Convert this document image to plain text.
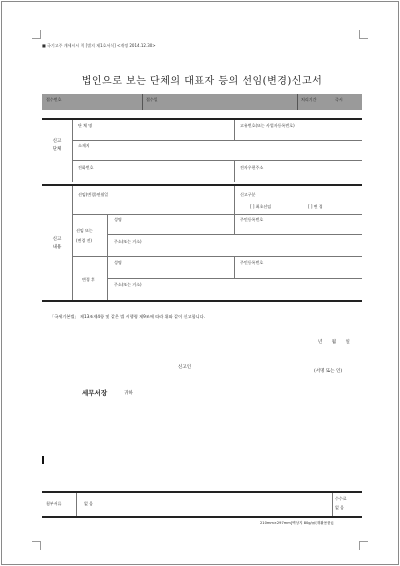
■ 국기고주 개세시시 칙 [별지 제1호서식] <개정 2014.12.30>
법인으로 보는 단체의 대표자 등의 선임(변경)신고서
접수번호	접수일	처리기간	즉시
신고
단체
단 체 명	고유번호(또는 사업자등록번호)
소재지
전화번호	전자우편주소
신고
내용
선임(변경)연월일	신고구분
[ ] 최초선임	[ ] 변 경
선임 또는
(변경 전)
성명	주민등록번호
주소(또는 거소)
변경 후
성명	주민등록번호
주소(또는 거소)
「국세기본법」 제13조제4항 및 같은 법 시행령 제9조에 따라 위와 같이 신고합니다.
년 월 일
신고인
(서명 또는 인)
세무서장	귀하
첨부서류	없 음
수수료
없 음
210mm×297mm[백상지 80g/㎡(재활용품)]
